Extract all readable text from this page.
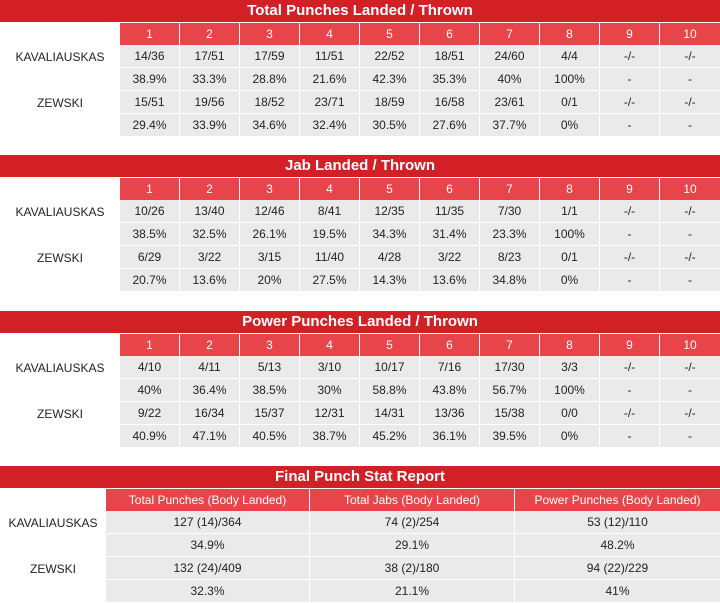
Total Punches Landed / Thrown
	1	2	3	4	5	6	7	8	9	10
KAVALIAUSKAS	14/36	17/51	17/59	11/51	22/52	18/51	24/60	4/4	-/-	-/-
	38.9%	33.3%	28.8%	21.6%	42.3%	35.3%	40%	100%	-	-
ZEWSKI	15/51	19/56	18/52	23/71	18/59	16/58	23/61	0/1	-/-	-/-
	29.4%	33.9%	34.6%	32.4%	30.5%	27.6%	37.7%	0%	-	-
Jab Landed / Thrown
	1	2	3	4	5	6	7	8	9	10
KAVALIAUSKAS	10/26	13/40	12/46	8/41	12/35	11/35	7/30	1/1	-/-	-/-
	38.5%	32.5%	26.1%	19.5%	34.3%	31.4%	23.3%	100%	-	-
ZEWSKI	6/29	3/22	3/15	11/40	4/28	3/22	8/23	0/1	-/-	-/-
	20.7%	13.6%	20%	27.5%	14.3%	13.6%	34.8%	0%	-	-
Power Punches Landed / Thrown
	1	2	3	4	5	6	7	8	9	10
KAVALIAUSKAS	4/10	4/11	5/13	3/10	10/17	7/16	17/30	3/3	-/-	-/-
	40%	36.4%	38.5%	30%	58.8%	43.8%	56.7%	100%	-	-
ZEWSKI	9/22	16/34	15/37	12/31	14/31	13/36	15/38	0/0	-/-	-/-
	40.9%	47.1%	40.5%	38.7%	45.2%	36.1%	39.5%	0%	-	-
Final Punch Stat Report
	Total Punches (Body Landed)	Total Jabs (Body Landed)	Power Punches (Body Landed)
KAVALIAUSKAS	127 (14)/364	74 (2)/254	53 (12)/110
	34.9%	29.1%	48.2%
ZEWSKI	132 (24)/409	38 (2)/180	94 (22)/229
	32.3%	21.1%	41%
